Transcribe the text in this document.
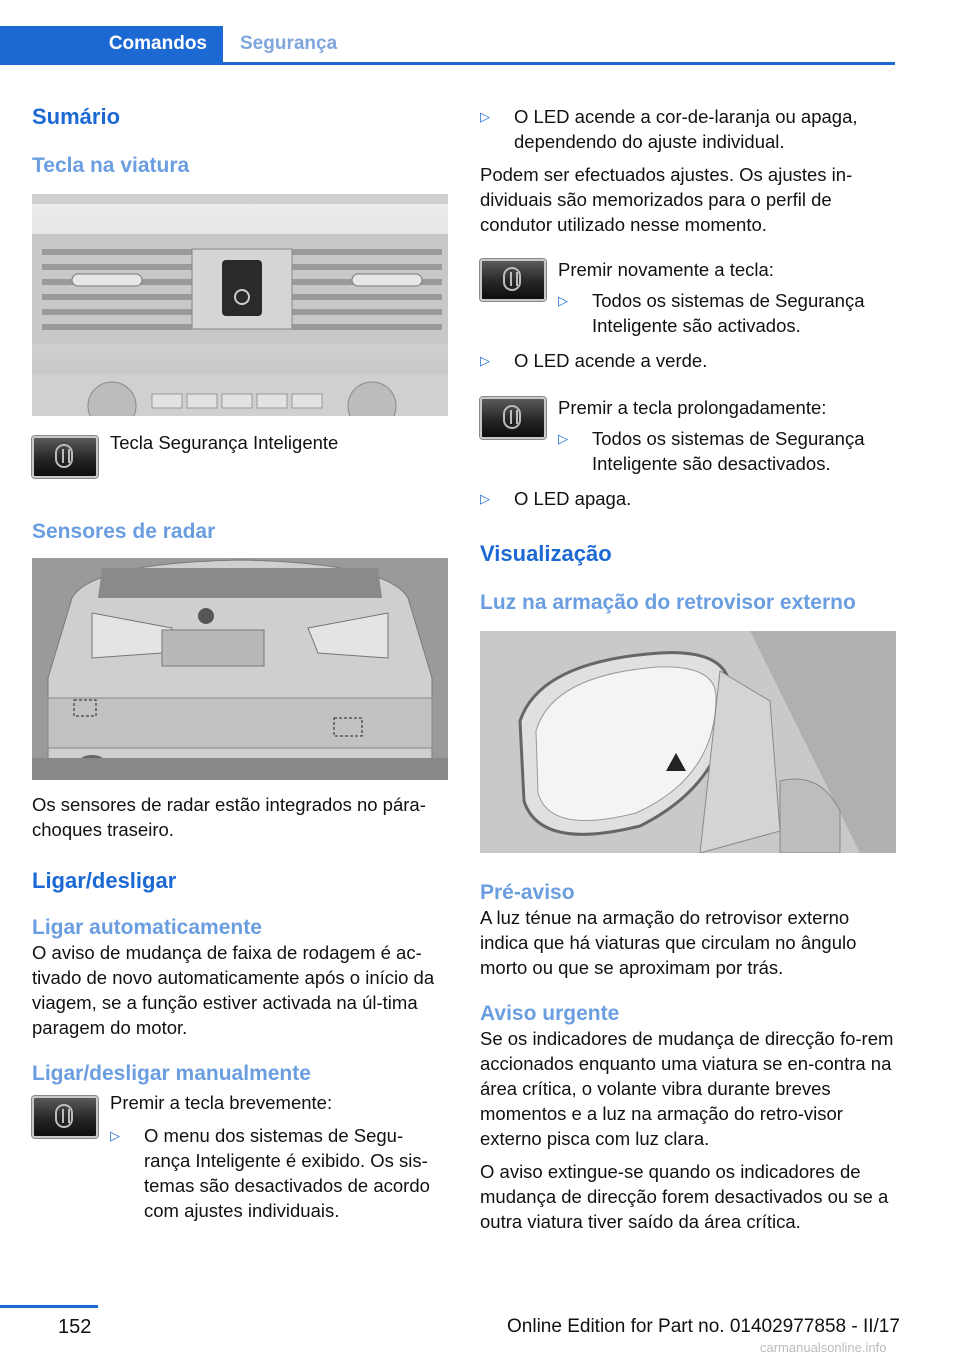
Comandos	Segurança
Sumário
Tecla na viatura

Tecla Segurança Inteligente

Sensores de radar

Os sensores de radar estão integrados no pára-choques traseiro.

Ligar/desligar
Ligar automaticamente

O aviso de mudança de faixa de rodagem é ac-tivado de novo automaticamente após o início da viagem, se a função estiver activada na úl-tima paragem do motor.

Ligar/desligar manualmente

Premir a tecla brevemente:

▷	O menu dos sistemas de Segu-rança Inteligente é exibido. Os sis-temas são desactivados de acordo com ajustes individuais.
▷	O LED acende a cor-de-laranja ou apaga, dependendo do ajuste individual.

Podem ser efectuados ajustes. Os ajustes in-dividuais são memorizados para o perfil de condutor utilizado nesse momento.

Premir novamente a tecla:

▷	Todos os sistemas de Segurança Inteligente são activados.
▷	O LED acende a verde.

Premir a tecla prolongadamente:

▷	Todos os sistemas de Segurança Inteligente são desactivados.
▷	O LED apaga.
Visualização
Luz na armação do retrovisor externo
Pré-aviso

A luz ténue na armação do retrovisor externo indica que há viaturas que circulam no ângulo morto ou que se aproximam por trás.

Aviso urgente

Se os indicadores de mudança de direcção fo-rem accionados enquanto uma viatura se en-contra na área crítica, o volante vibra durante breves momentos e a luz na armação do retro-visor externo pisca com luz clara.

O aviso extingue-se quando os indicadores de mudança de direcção forem desactivados ou se a outra viatura tiver saído da área crítica.

152	Online Edition for Part no. 01402977858 - II/17
carmanualsonline.info
